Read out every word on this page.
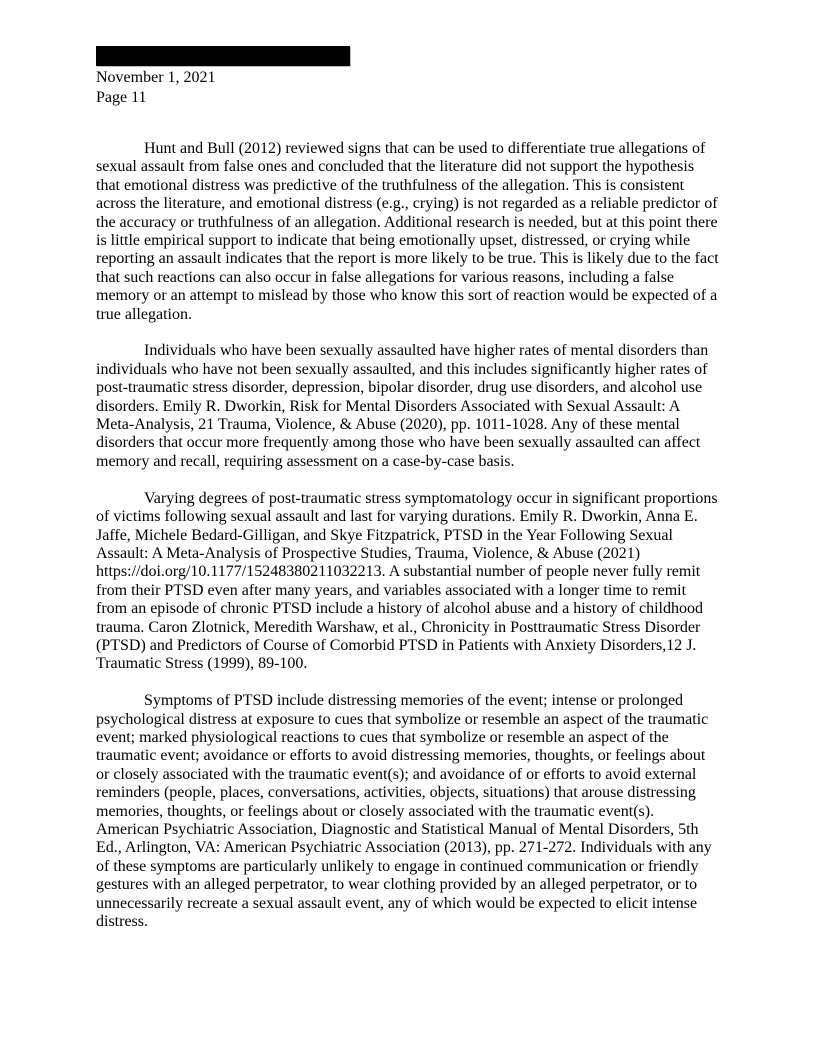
November 1, 2021
Page 11

Hunt and Bull (2012) reviewed signs that can be used to differentiate true allegations of sexual assault from false ones and concluded that the literature did not support the hypothesis that emotional distress was predictive of the truthfulness of the allegation. This is consistent across the literature, and emotional distress (e.g., crying) is not regarded as a reliable predictor of the accuracy or truthfulness of an allegation. Additional research is needed, but at this point there is little empirical support to indicate that being emotionally upset, distressed, or crying while reporting an assault indicates that the report is more likely to be true. This is likely due to the fact that such reactions can also occur in false allegations for various reasons, including a false memory or an attempt to mislead by those who know this sort of reaction would be expected of a true allegation.

Individuals who have been sexually assaulted have higher rates of mental disorders than individuals who have not been sexually assaulted, and this includes significantly higher rates of post-traumatic stress disorder, depression, bipolar disorder, drug use disorders, and alcohol use disorders. Emily R. Dworkin, Risk for Mental Disorders Associated with Sexual Assault: A Meta-Analysis, 21 Trauma, Violence, & Abuse (2020), pp. 1011-1028. Any of these mental disorders that occur more frequently among those who have been sexually assaulted can affect memory and recall, requiring assessment on a case-by-case basis.

Varying degrees of post-traumatic stress symptomatology occur in significant proportions of victims following sexual assault and last for varying durations. Emily R. Dworkin, Anna E. Jaffe, Michele Bedard-Gilligan, and Skye Fitzpatrick, PTSD in the Year Following Sexual Assault: A Meta-Analysis of Prospective Studies, Trauma, Violence, & Abuse (2021) https://doi.org/10.1177/15248380211032213. A substantial number of people never fully remit from their PTSD even after many years, and variables associated with a longer time to remit from an episode of chronic PTSD include a history of alcohol abuse and a history of childhood trauma. Caron Zlotnick, Meredith Warshaw, et al., Chronicity in Posttraumatic Stress Disorder (PTSD) and Predictors of Course of Comorbid PTSD in Patients with Anxiety Disorders,12 J. Traumatic Stress (1999), 89-100.

Symptoms of PTSD include distressing memories of the event; intense or prolonged psychological distress at exposure to cues that symbolize or resemble an aspect of the traumatic event; marked physiological reactions to cues that symbolize or resemble an aspect of the traumatic event; avoidance or efforts to avoid distressing memories, thoughts, or feelings about or closely associated with the traumatic event(s); and avoidance of or efforts to avoid external reminders (people, places, conversations, activities, objects, situations) that arouse distressing memories, thoughts, or feelings about or closely associated with the traumatic event(s). American Psychiatric Association, Diagnostic and Statistical Manual of Mental Disorders, 5th Ed., Arlington, VA: American Psychiatric Association (2013), pp. 271-272. Individuals with any of these symptoms are particularly unlikely to engage in continued communication or friendly gestures with an alleged perpetrator, to wear clothing provided by an alleged perpetrator, or to unnecessarily recreate a sexual assault event, any of which would be expected to elicit intense distress.
